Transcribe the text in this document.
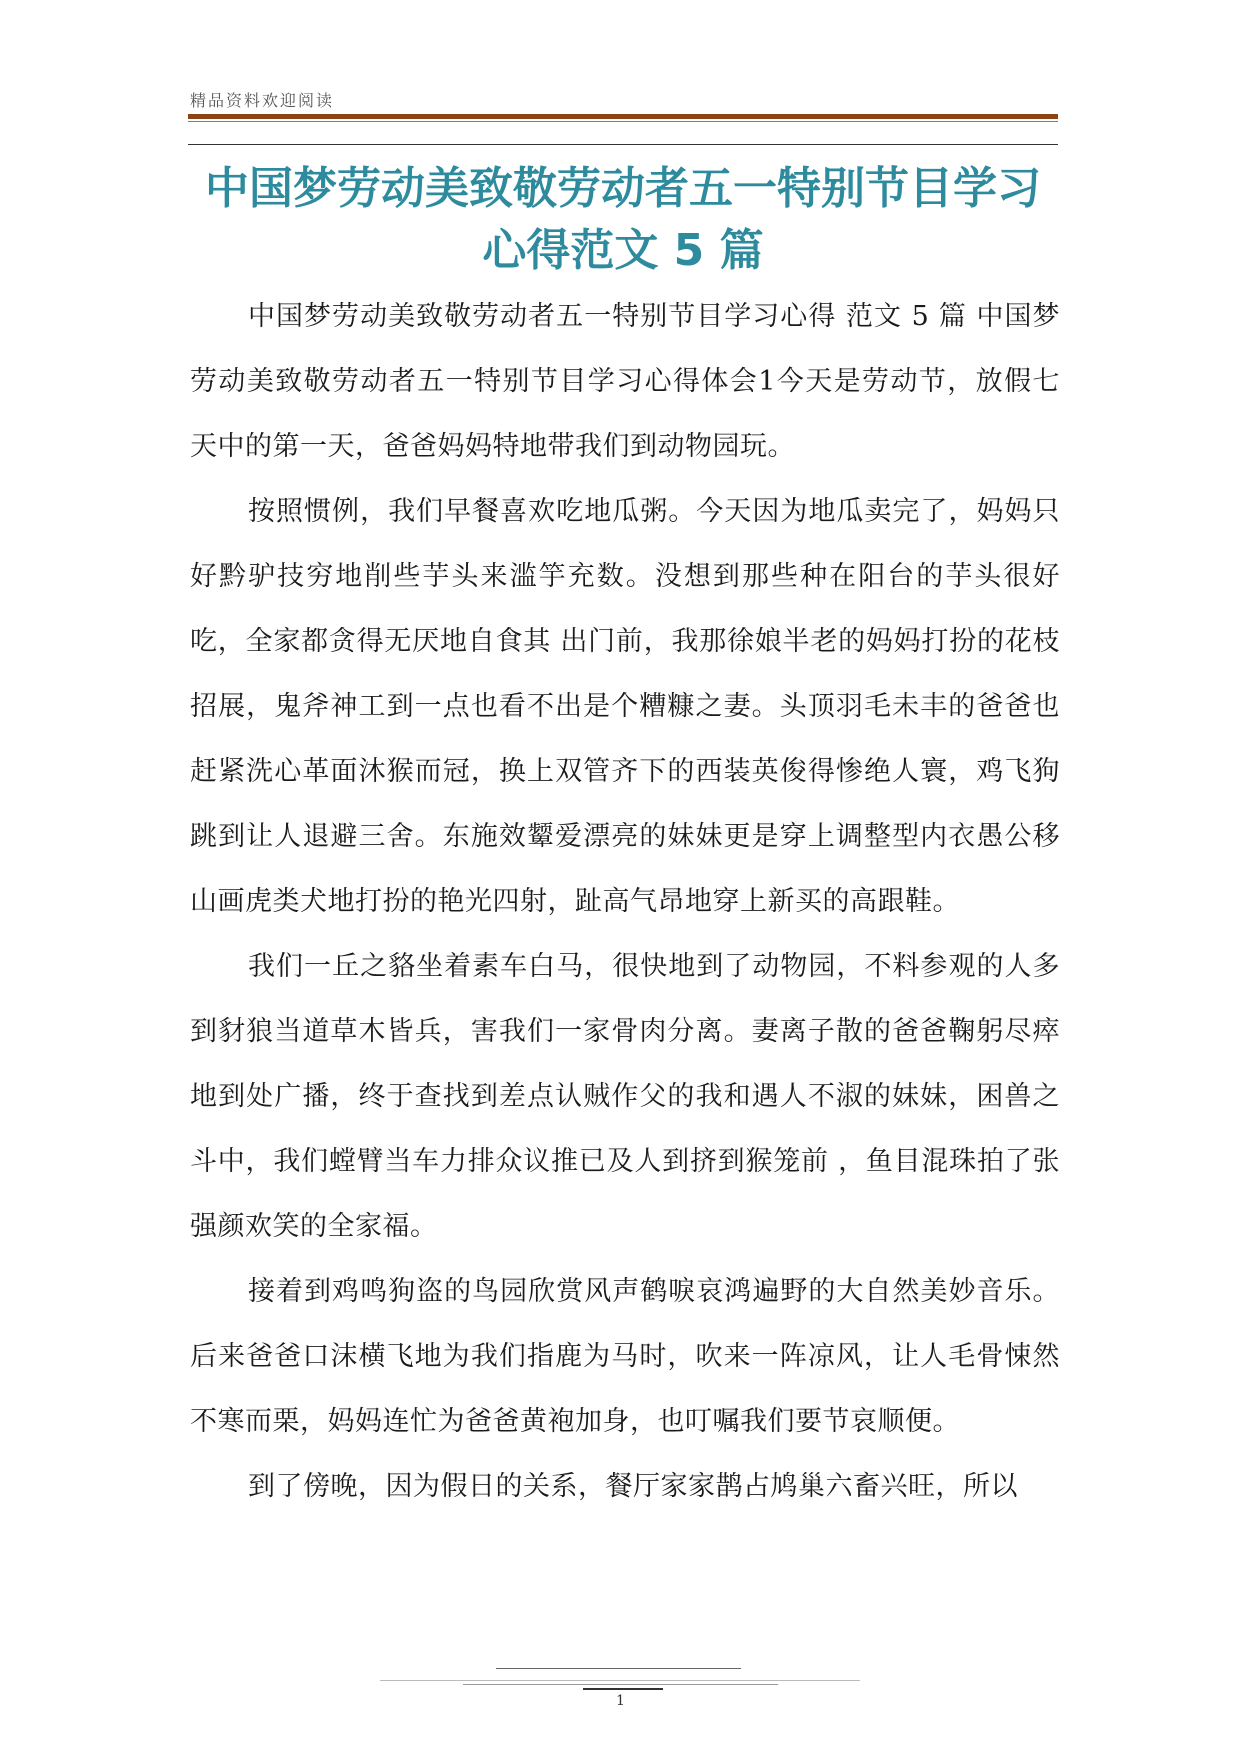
精品资料欢迎阅读
中国梦劳动美致敬劳动者五一特别节目学习心得范文 5 篇

中国梦劳动美致敬劳动者五一特别节目学习心得 范文 5 篇 中国梦劳动美致敬劳动者五一特别节目学习心得体会1今天是劳动节，放假七天中的第一天，爸爸妈妈特地带我们到动物园玩。

按照惯例，我们早餐喜欢吃地瓜粥。今天因为地瓜卖完了，妈妈只好黔驴技穷地削些芋头来滥竽充数。没想到那些种在阳台的芋头很好吃，全家都贪得无厌地自食其 出门前，我那徐娘半老的妈妈打扮的花枝招展，鬼斧神工到一点也看不出是个糟糠之妻。头顶羽毛未丰的爸爸也赶紧洗心革面沐猴而冠，换上双管齐下的西装英俊得惨绝人寰，鸡飞狗跳到让人退避三舍。东施效颦爱漂亮的妹妹更是穿上调整型内衣愚公移山画虎类犬地打扮的艳光四射，趾高气昂地穿上新买的高跟鞋。

我们一丘之貉坐着素车白马，很快地到了动物园，不料参观的人多到豺狼当道草木皆兵，害我们一家骨肉分离。妻离子散的爸爸鞠躬尽瘁地到处广播，终于查找到差点认贼作父的我和遇人不淑的妹妹，困兽之斗中，我们螳臂当车力排众议推已及人到挤到猴笼前 ，鱼目混珠拍了张强颜欢笑的全家福。

接着到鸡鸣狗盗的鸟园欣赏风声鹤唳哀鸿遍野的大自然美妙音乐。后来爸爸口沫横飞地为我们指鹿为马时，吹来一阵凉风，让人毛骨悚然不寒而栗，妈妈连忙为爸爸黄袍加身，也叮嘱我们要节哀顺便。

到了傍晚，因为假日的关系，餐厅家家鹊占鸠巢六畜兴旺，所以

1
